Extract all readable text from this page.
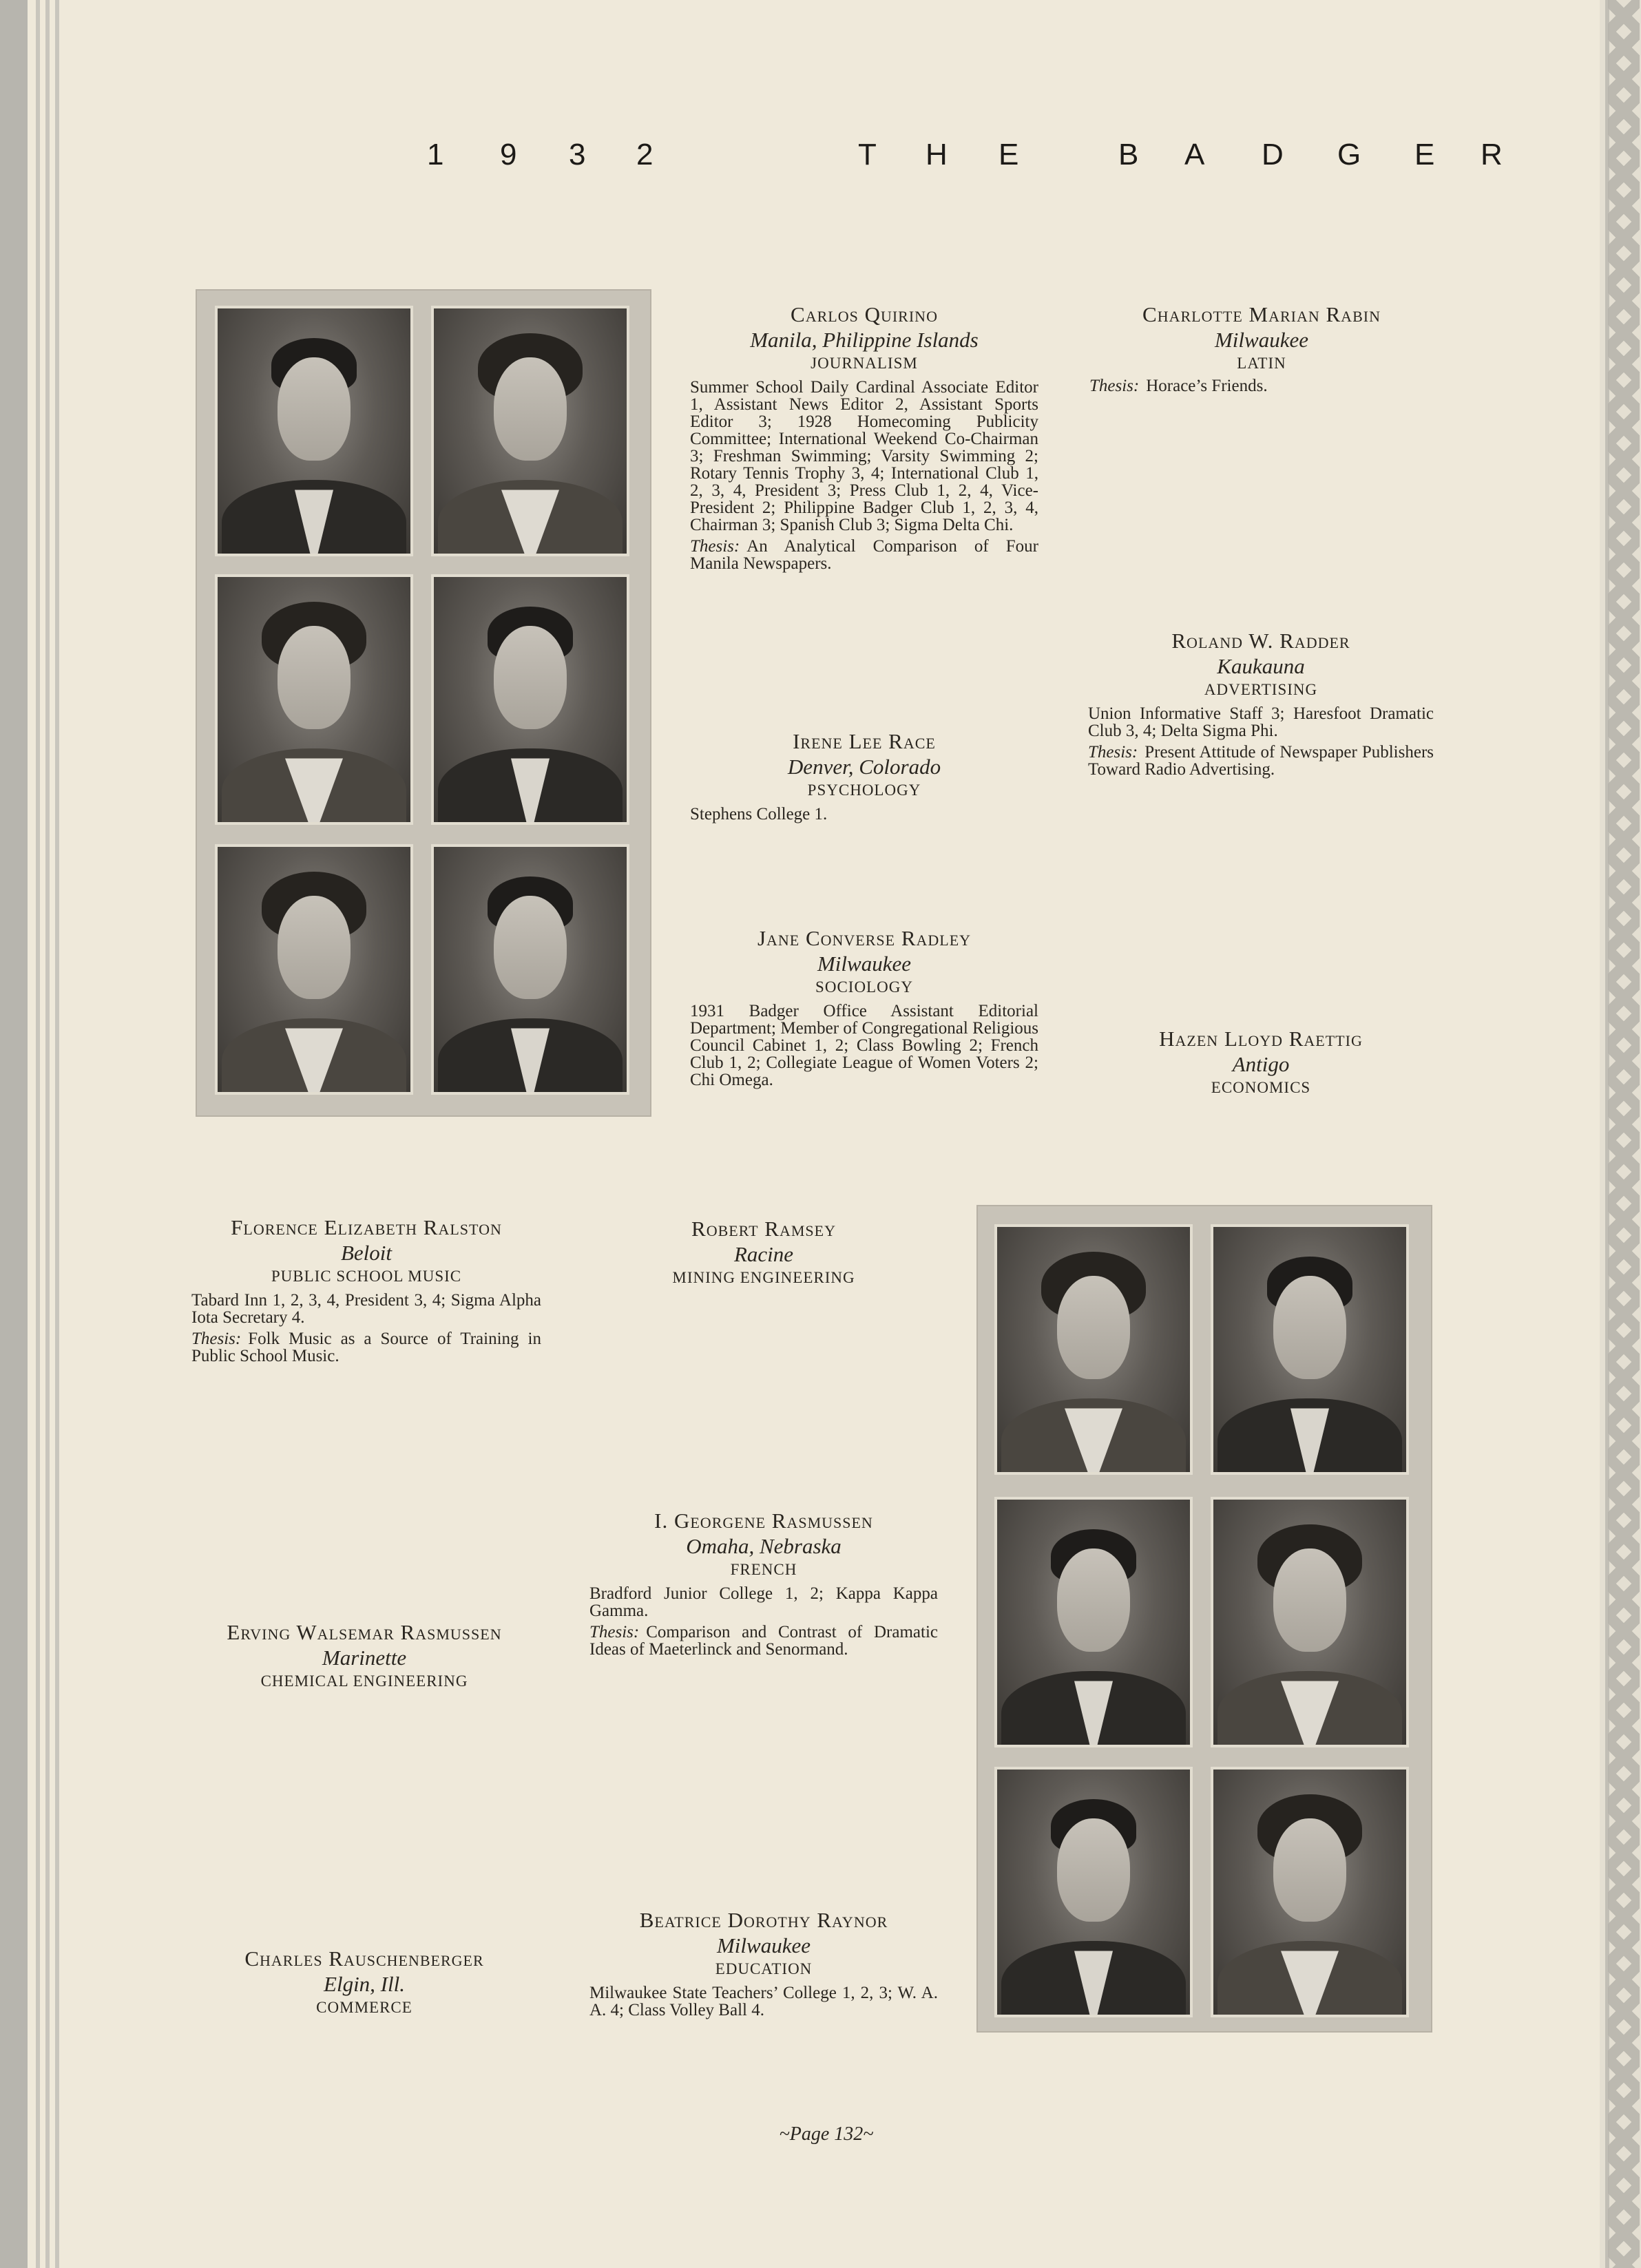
1 9 3 2	T H E	B A D G E R
Carlos Quirino
Manila, Philippine Islands
JOURNALISM
Summer School Daily Cardinal Associate Editor 1, Assistant News Editor 2, Assistant Sports Editor 3; 1928 Homecoming Publicity Committee; International Weekend Co-Chairman 3; Freshman Swimming; Varsity Swimming 2; Rotary Tennis Trophy 3, 4; International Club 1, 2, 3, 4, President 3; Press Club 1, 2, 4, Vice-President 2; Philippine Badger Club 1, 2, 3, 4, Chairman 3; Spanish Club 3; Sigma Delta Chi.
Thesis: An Analytical Comparison of Four Manila Newspapers.
Charlotte Marian Rabin
Milwaukee
LATIN
Thesis: Horace’s Friends.
Roland W. Radder
Kaukauna
ADVERTISING
Union Informative Staff 3; Haresfoot Dramatic Club 3, 4; Delta Sigma Phi.
Thesis: Present Attitude of Newspaper Publishers Toward Radio Advertising.
Irene Lee Race
Denver, Colorado
PSYCHOLOGY
Stephens College 1.
Jane Converse Radley
Milwaukee
SOCIOLOGY
1931 Badger Office Assistant Editorial Department; Member of Congregational Religious Council Cabinet 1, 2; Class Bowling 2; French Club 1, 2; Collegiate League of Women Voters 2; Chi Omega.
Hazen Lloyd Raettig
Antigo
ECONOMICS
Florence Elizabeth Ralston
Beloit
PUBLIC SCHOOL MUSIC
Tabard Inn 1, 2, 3, 4, President 3, 4; Sigma Alpha Iota Secretary 4.
Thesis: Folk Music as a Source of Training in Public School Music.
Robert Ramsey
Racine
MINING ENGINEERING
I. Georgene Rasmussen
Omaha, Nebraska
FRENCH
Bradford Junior College 1, 2; Kappa Kappa Gamma.
Thesis: Comparison and Contrast of Dramatic Ideas of Maeterlinck and Senormand.
Erving Walsemar Rasmussen
Marinette
CHEMICAL ENGINEERING
Beatrice Dorothy Raynor
Milwaukee
EDUCATION
Milwaukee State Teachers’ College 1, 2, 3; W. A. A. 4; Class Volley Ball 4.
Charles Rauschenberger
Elgin, Ill.
COMMERCE
~Page 132~
